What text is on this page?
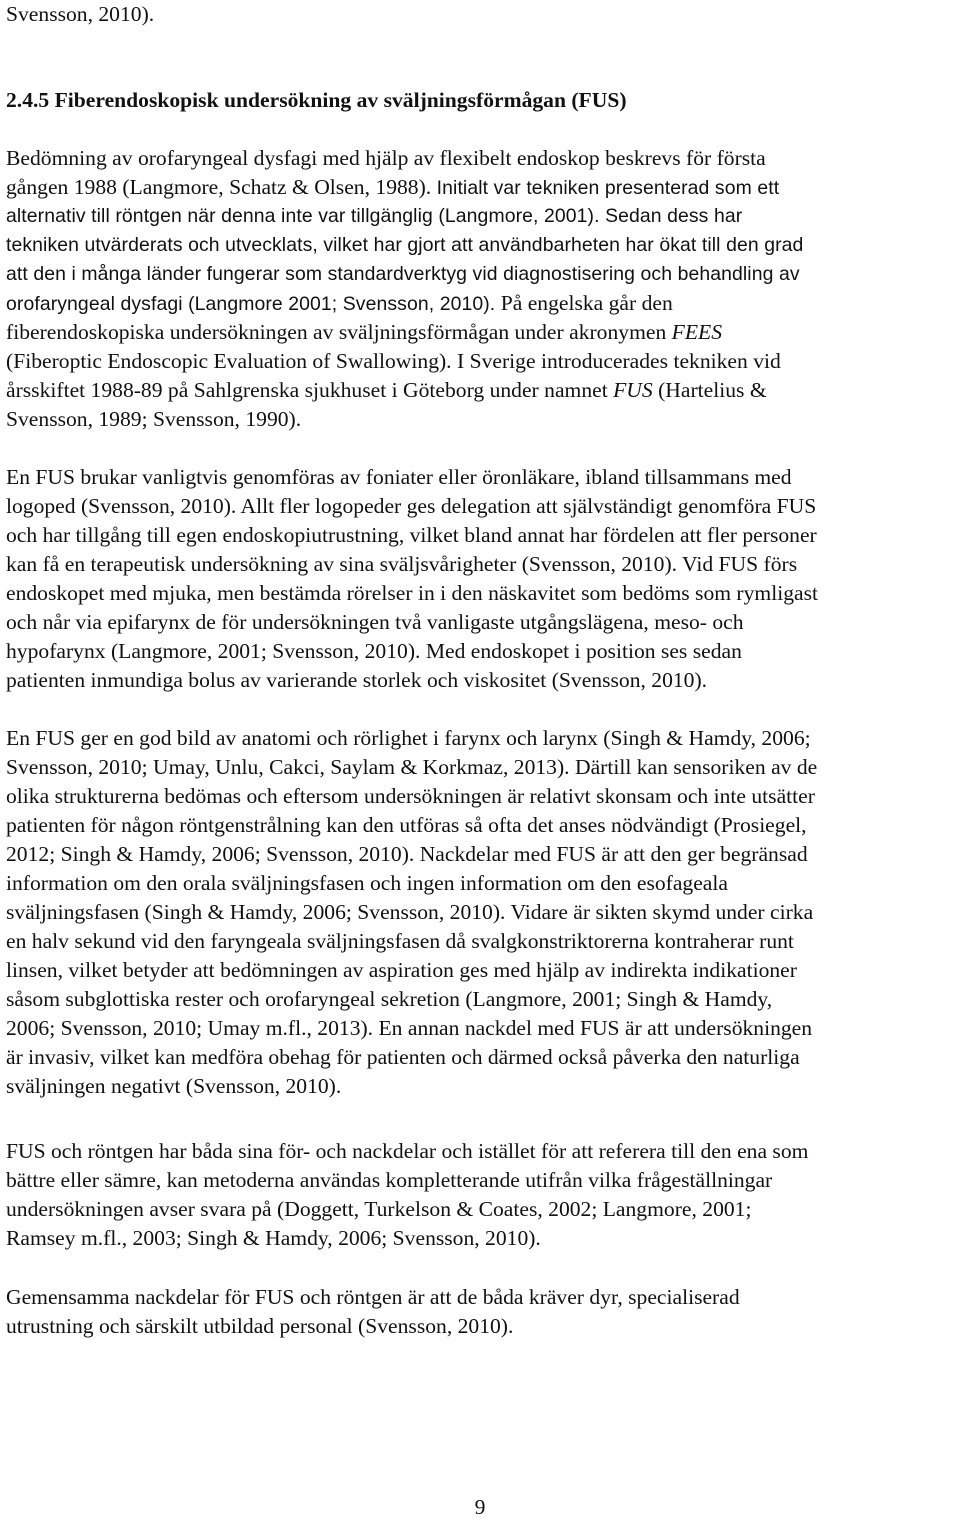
Svensson, 2010).
2.4.5 Fiberendoskopisk undersökning av sväljningsförmågan (FUS)
Bedömning av orofaryngeal dysfagi med hjälp av flexibelt endoskop beskrevs för första
gången 1988 (Langmore, Schatz & Olsen, 1988). Initialt var tekniken presenterad som ett
alternativ till röntgen när denna inte var tillgänglig (Langmore, 2001). Sedan dess har
tekniken utvärderats och utvecklats, vilket har gjort att användbarheten har ökat till den grad
att den i många länder fungerar som standardverktyg vid diagnostisering och behandling av
orofaryngeal dysfagi (Langmore 2001; Svensson, 2010). På engelska går den
fiberendoskopiska undersökningen av sväljningsförmågan under akronymen FEES
(Fiberoptic Endoscopic Evaluation of Swallowing). I Sverige introducerades tekniken vid
årsskiftet 1988-89 på Sahlgrenska sjukhuset i Göteborg under namnet FUS (Hartelius &
Svensson, 1989; Svensson, 1990).
En FUS brukar vanligtvis genomföras av foniater eller öronläkare, ibland tillsammans med
logoped (Svensson, 2010). Allt fler logopeder ges delegation att självständigt genomföra FUS
och har tillgång till egen endoskopiutrustning, vilket bland annat har fördelen att fler personer
kan få en terapeutisk undersökning av sina sväljsvårigheter (Svensson, 2010). Vid FUS förs
endoskopet med mjuka, men bestämda rörelser in i den näskavitet som bedöms som rymligast
och når via epifarynx de för undersökningen två vanligaste utgångslägena, meso- och
hypofarynx (Langmore, 2001; Svensson, 2010). Med endoskopet i position ses sedan
patienten inmundiga bolus av varierande storlek och viskositet (Svensson, 2010).
En FUS ger en god bild av anatomi och rörlighet i farynx och larynx (Singh & Hamdy, 2006;
Svensson, 2010; Umay, Unlu, Cakci, Saylam & Korkmaz, 2013). Därtill kan sensoriken av de
olika strukturerna bedömas och eftersom undersökningen är relativt skonsam och inte utsätter
patienten för någon röntgenstrålning kan den utföras så ofta det anses nödvändigt (Prosiegel,
2012; Singh & Hamdy, 2006; Svensson, 2010). Nackdelar med FUS är att den ger begränsad
information om den orala sväljningsfasen och ingen information om den esofageala
sväljningsfasen (Singh & Hamdy, 2006; Svensson, 2010). Vidare är sikten skymd under cirka
en halv sekund vid den faryngeala sväljningsfasen då svalgkonstriktorerna kontraherar runt
linsen, vilket betyder att bedömningen av aspiration ges med hjälp av indirekta indikationer
såsom subglottiska rester och orofaryngeal sekretion (Langmore, 2001; Singh & Hamdy,
2006; Svensson, 2010; Umay m.fl., 2013). En annan nackdel med FUS är att undersökningen
är invasiv, vilket kan medföra obehag för patienten och därmed också påverka den naturliga
sväljningen negativt (Svensson, 2010).
FUS och röntgen har båda sina för- och nackdelar och istället för att referera till den ena som
bättre eller sämre, kan metoderna användas kompletterande utifrån vilka frågeställningar
undersökningen avser svara på (Doggett, Turkelson & Coates, 2002; Langmore, 2001;
Ramsey m.fl., 2003; Singh & Hamdy, 2006; Svensson, 2010).
Gemensamma nackdelar för FUS och röntgen är att de båda kräver dyr, specialiserad
utrustning och särskilt utbildad personal (Svensson, 2010).
9
